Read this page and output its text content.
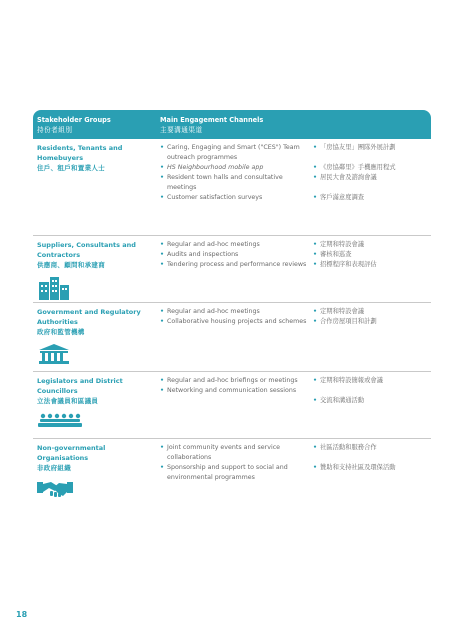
Stakeholder Groups
持份者組別
Main Engagement Channels
主要溝通渠道
Residents, Tenants and Homebuyers
住戶、租戶和置業人士
• Caring, Engaging and Smart ("CES") Team outreach programmes
• HS Neighbourhood mobile app
• Resident town halls and consultative meetings
• Customer satisfaction surveys
• 「房協友里」團隊外展計劃
• 《房協鄰里》手機應用程式
• 居民大會及諮詢會議
• 客戶滿意度調查
Suppliers, Consultants and Contractors
供應商、顧問和承建商
• Regular and ad-hoc meetings
• Audits and inspections
• Tendering process and performance reviews
• 定期和特設會議
• 審核和巡查
• 招標程序和表現評估
Government and Regulatory Authorities
政府和監管機構
• Regular and ad-hoc meetings
• Collaborative housing projects and schemes
• 定期和特設會議
• 合作房屋項目和計劃
Legislators and District Councillors
立法會議員和區議員
• Regular and ad-hoc briefings or meetings
• Networking and communication sessions
• 定期和特設簡報或會議
• 交流和溝通活動
Non-governmental Organisations
非政府組織
• Joint community events and service collaborations
• Sponsorship and support to social and environmental programmes
• 社區活動和服務合作
• 贊助和支持社區及環保活動
18
